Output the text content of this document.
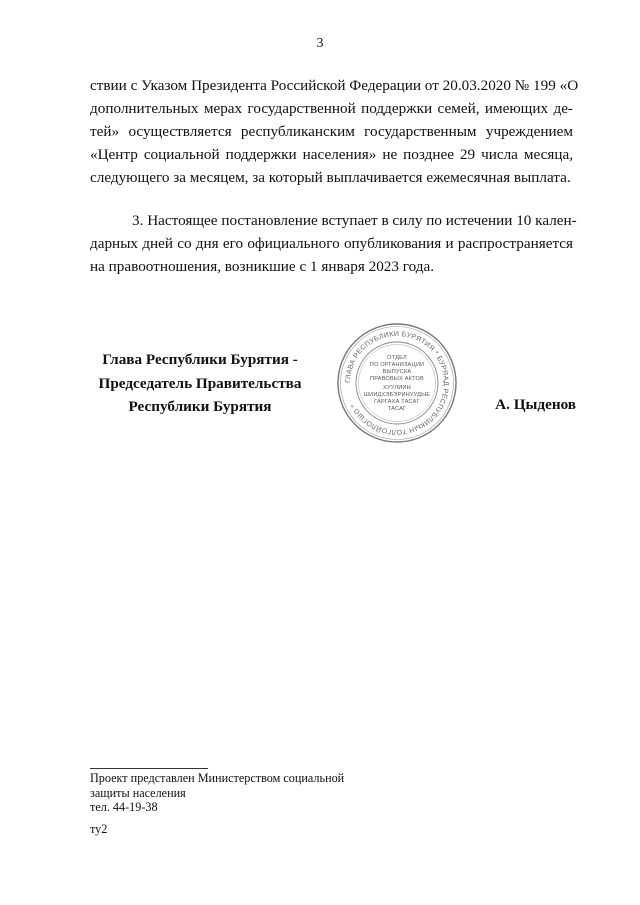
3
ствии с Указом Президента Российской Федерации от 20.03.2020 № 199 «О
дополнительных мерах государственной поддержки семей, имеющих де-
тей» осуществляется республиканским государственным учреждением
«Центр социальной поддержки населения» не позднее 29 числа месяца,
следующего за месяцем, за который выплачивается ежемесячная выплата.
3. Настоящее постановление вступает в силу по истечении 10 кален-
дарных дней со дня его официального опубликования и распространяется
на правоотношения, возникшие с 1 января 2023 года.
Глава Республики Бурятия -
Председатель Правительства
Республики Бурятия
ГЛАВА РЕСПУБЛИКИ БУРЯТИЯ * БУРЯАД РЕСПУБЛИКЫН ТОЛГОЙЛОГШО *
ОТДЕЛ
ПО ОРГАНИЗАЦИИ
ВЫПУСКА
ПРАВОВЫХ АКТОВ
ХУУЛИИН
ШИИДХЭБЭРИНУУДЫЕ
ГАРГАХА ТАСАГ
ТАСАГ	А. Цыденов
Проект представлен Министерством социальной
защиты населения
тел. 44-19-38
ту2
